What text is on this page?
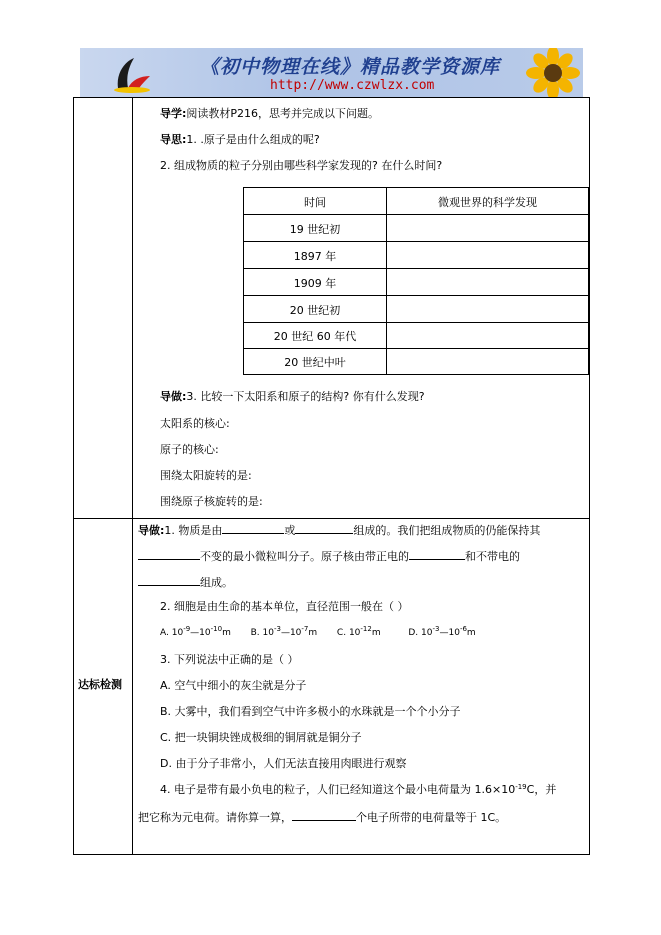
《初中物理在线》精品教学资源库
http://www.czwlzx.com
导学:阅读教材P216，思考并完成以下问题。
导思:1. .原子是由什么组成的呢?
2. 组成物质的粒子分别由哪些科学家发现的? 在什么时间?
时间	微观世界的科学发现
19 世纪初
1897 年
1909 年
20 世纪初
20 世纪 60 年代
20 世纪中叶
导做:3. 比较一下太阳系和原子的结构? 你有什么发现?
太阳系的核心:
原子的核心:
围绕太阳旋转的是:
围绕原子核旋转的是:
达标检测
导做:1. 物质是由	或	组成的。我们把组成物质的仍能保持其
不变的最小微粒叫分子。原子核由带正电的	和不带电的
组成。
2. 细胞是由生命的基本单位，直径范围一般在（ ）
A. $10^{-9}—10^{-10}m$ B. $10^{-3}—10^{-7}m$ C. $10^{-12}m$	D. $10^{-3}—10^{-6}m$
3. 下列说法中正确的是（ ）
A. 空气中细小的灰尘就是分子
B. 大雾中，我们看到空气中许多极小的水珠就是一个个小分子
C. 把一块铜块锉成极细的铜屑就是铜分子
D. 由于分子非常小，人们无法直接用肉眼进行观察
4. 电子是带有最小负电的粒子，人们已经知道这个最小电荷量为 $1.6\times 10^{-19}C$，并
把它称为元电荷。请你算一算，	个电子所带的电荷量等于 1C。
